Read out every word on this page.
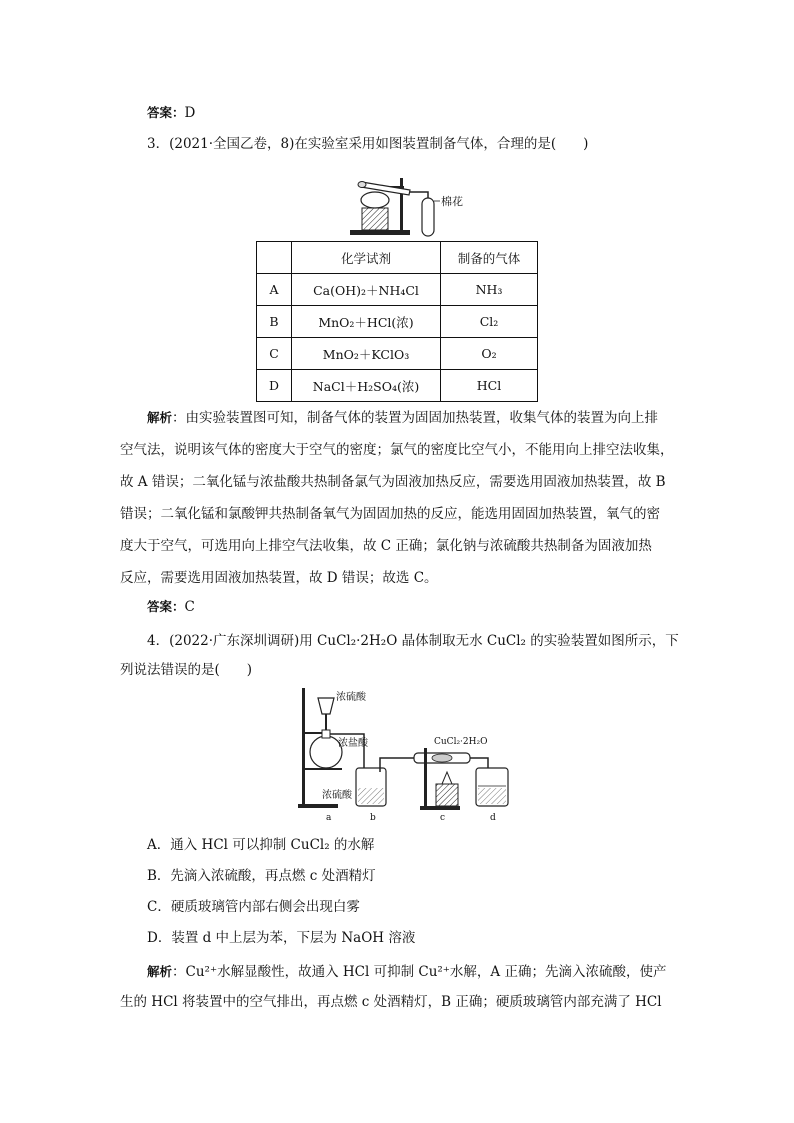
答案：D
3．(2021·全国乙卷，8)在实验室采用如图装置制备气体，合理的是(　　)
棉花
	化学试剂	制备的气体
A	Ca(OH)₂＋NH₄Cl	NH₃
B	MnO₂＋HCl(浓)	Cl₂
C	MnO₂＋KClO₃	O₂
D	NaCl＋H₂SO₄(浓)	HCl
解析：由实验装置图可知，制备气体的装置为固固加热装置，收集气体的装置为向上排
空气法，说明该气体的密度大于空气的密度；氯气的密度比空气小，不能用向上排空法收集，
故 A 错误；二氧化锰与浓盐酸共热制备氯气为固液加热反应，需要选用固液加热装置，故 B
错误；二氧化锰和氯酸钾共热制备氧气为固固加热的反应，能选用固固加热装置，氧气的密
度大于空气，可选用向上排空气法收集，故 C 正确；氯化钠与浓硫酸共热制备为固液加热
反应，需要选用固液加热装置，故 D 错误；故选 C。
答案：C
4．(2022·广东深圳调研)用 CuCl₂·2H₂O 晶体制取无水 CuCl₂ 的实验装置如图所示，下
列说法错误的是(　　)
浓硫酸
浓盐酸
浓硫酸
CuCl₂·2H₂O
a	b	c	d
A．通入 HCl 可以抑制 CuCl₂ 的水解
B．先滴入浓硫酸，再点燃 c 处酒精灯
C．硬质玻璃管内部右侧会出现白雾
D．装置 d 中上层为苯，下层为 NaOH 溶液
解析：Cu²⁺水解显酸性，故通入 HCl 可抑制 Cu²⁺水解，A 正确；先滴入浓硫酸，使产
生的 HCl 将装置中的空气排出，再点燃 c 处酒精灯，B 正确；硬质玻璃管内部充满了 HCl
